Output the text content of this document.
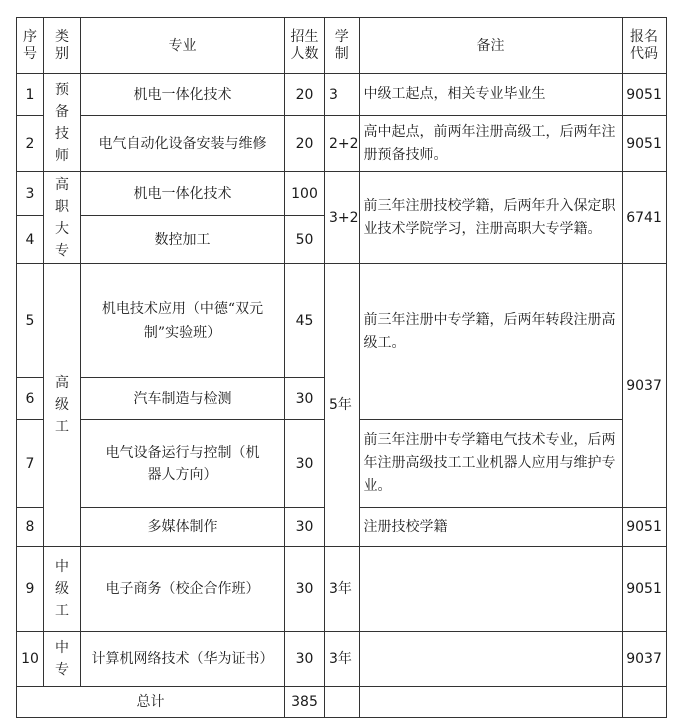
序号	类别	专业	招生人数	学制	备注	报名代码

1	预备技师	机电一体化技术	20	3	中级工起点，相关专业毕业生	9051
2		电气自动化设备安装与维修	20	2+2	高中起点，前两年注册高级工，后两年注册预备技师。	9051
3	高职大专	机电一体化技术	100	3+2	前三年注册技校学籍，后两年升入保定职业技术学院学习，注册高职大专学籍。	6741
4		数控加工	50			
5	高级工	机电技术应用（中德“双元制”实验班）	45	5年	前三年注册中专学籍，后两年转段注册高级工。	9037
6		汽车制造与检测	30			
7		电气设备运行与控制（机器人方向）	30		前三年注册中专学籍电气技术专业，后两年注册高级技工工业机器人应用与维护专业。	
8		多媒体制作	30		注册技校学籍	9051
9	中级工	电子商务（校企合作班）	30	3年		9051
10	中专	计算机网络技术（华为证书）	30	3年		9037
总计			385			
